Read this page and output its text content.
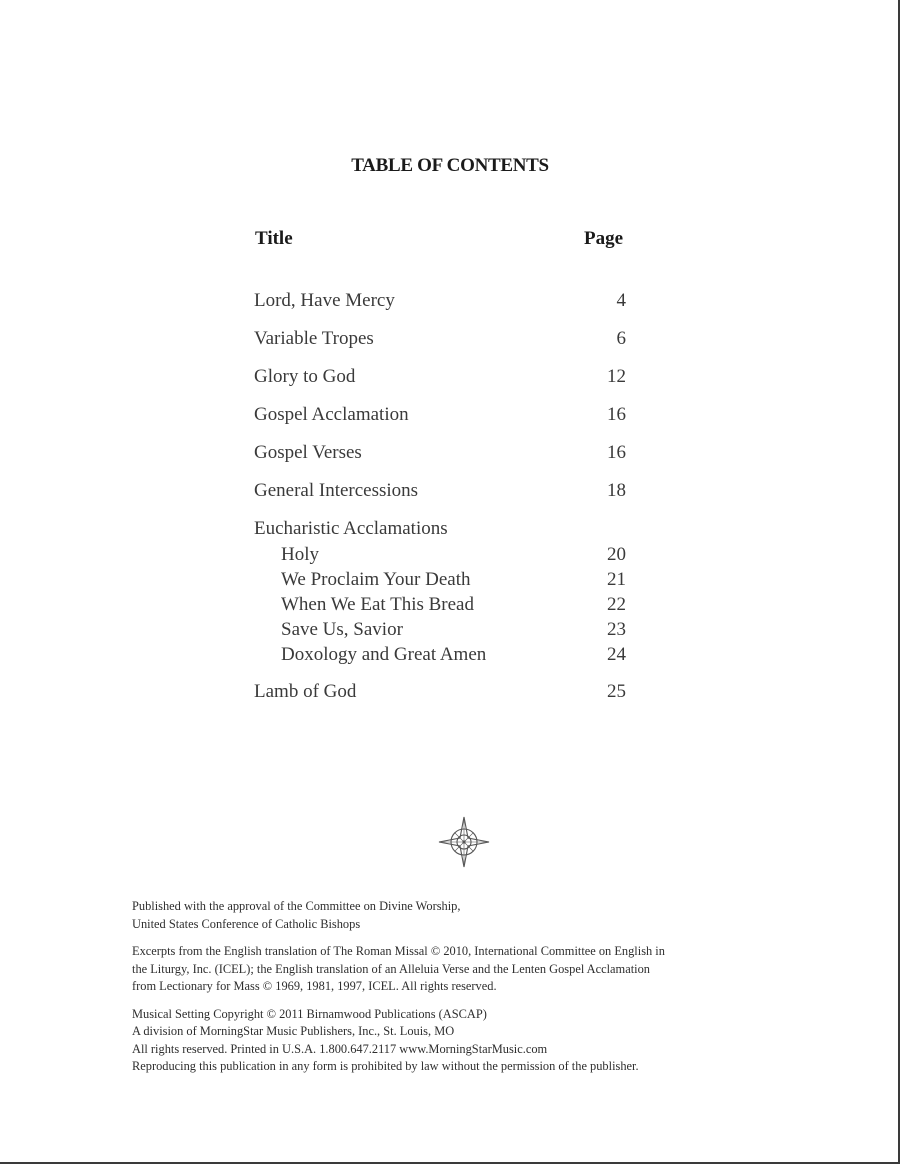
TABLE OF CONTENTS
Title	Page
Lord, Have Mercy	4
Variable Tropes	6
Glory to God	12
Gospel Acclamation	16
Gospel Verses	16
General Intercessions	18
Eucharistic Acclamations
Holy	20
We Proclaim Your Death	21
When We Eat This Bread	22
Save Us, Savior	23
Doxology and Great Amen	24
Lamb of God	25

Published with the approval of the Committee on Divine Worship,
United States Conference of Catholic Bishops

Excerpts from the English translation of The Roman Missal © 2010, International Committee on English in
the Liturgy, Inc. (ICEL); the English translation of an Alleluia Verse and the Lenten Gospel Acclamation
from Lectionary for Mass © 1969, 1981, 1997, ICEL. All rights reserved.

Musical Setting Copyright © 2011 Birnamwood Publications (ASCAP)
A division of MorningStar Music Publishers, Inc., St. Louis, MO
All rights reserved. Printed in U.S.A. 1.800.647.2117 www.MorningStarMusic.com
Reproducing this publication in any form is prohibited by law without the permission of the publisher.
